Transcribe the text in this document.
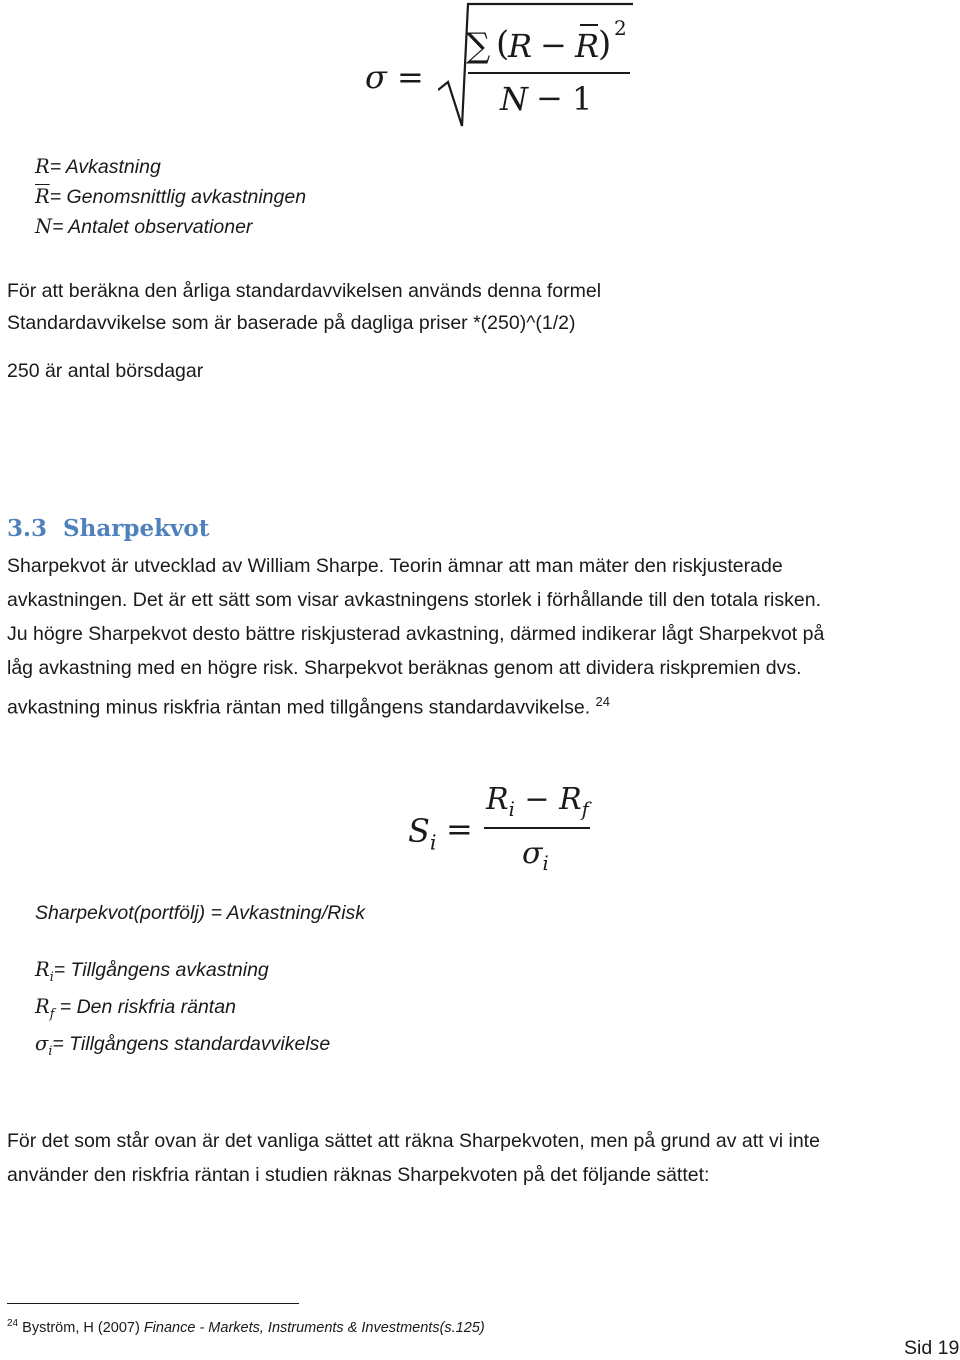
σ =
∑ (
R − R
) 2
N − 1
R= Avkastning
$\overline{R}=$ Genomsnittlig avkastningen
N= Antalet observationer
För att beräkna den årliga standardavvikelsen används denna formel
Standardavvikelse som är baserade på dagliga priser *(250)^(1/2)
250 är antal börsdagar
3.3 Sharpekvot
Sharpekvot är utvecklad av William Sharpe. Teorin ämnar att man mäter den riskjusterade
avkastningen. Det är ett sätt som visar avkastningens storlek i förhållande till den totala risken.
Ju högre Sharpekvot desto bättre riskjusterad avkastning, därmed indikerar lågt Sharpekvot på
låg avkastning med en högre risk. Sharpekvot beräknas genom att dividera riskpremien dvs.
avkastning minus riskfria räntan med tillgångens standardavvikelse. $^{24}$
$S_i$ =
$R_i - R_f$
$\sigma_i$
Sharpekvot(portfölj) = Avkastning/Risk
$R_i=$ Tillgångens avkastning
$R_f$ = Den riskfria räntan
$\sigma_i=$ Tillgångens standardavvikelse
För det som står ovan är det vanliga sättet att räkna Sharpekvoten, men på grund av att vi inte
använder den riskfria räntan i studien räknas Sharpekvoten på det följande sättet:
$^{24}$ Byström, H (2007) Finance - Markets, Instruments & Investments(s.125)
Sid 19
